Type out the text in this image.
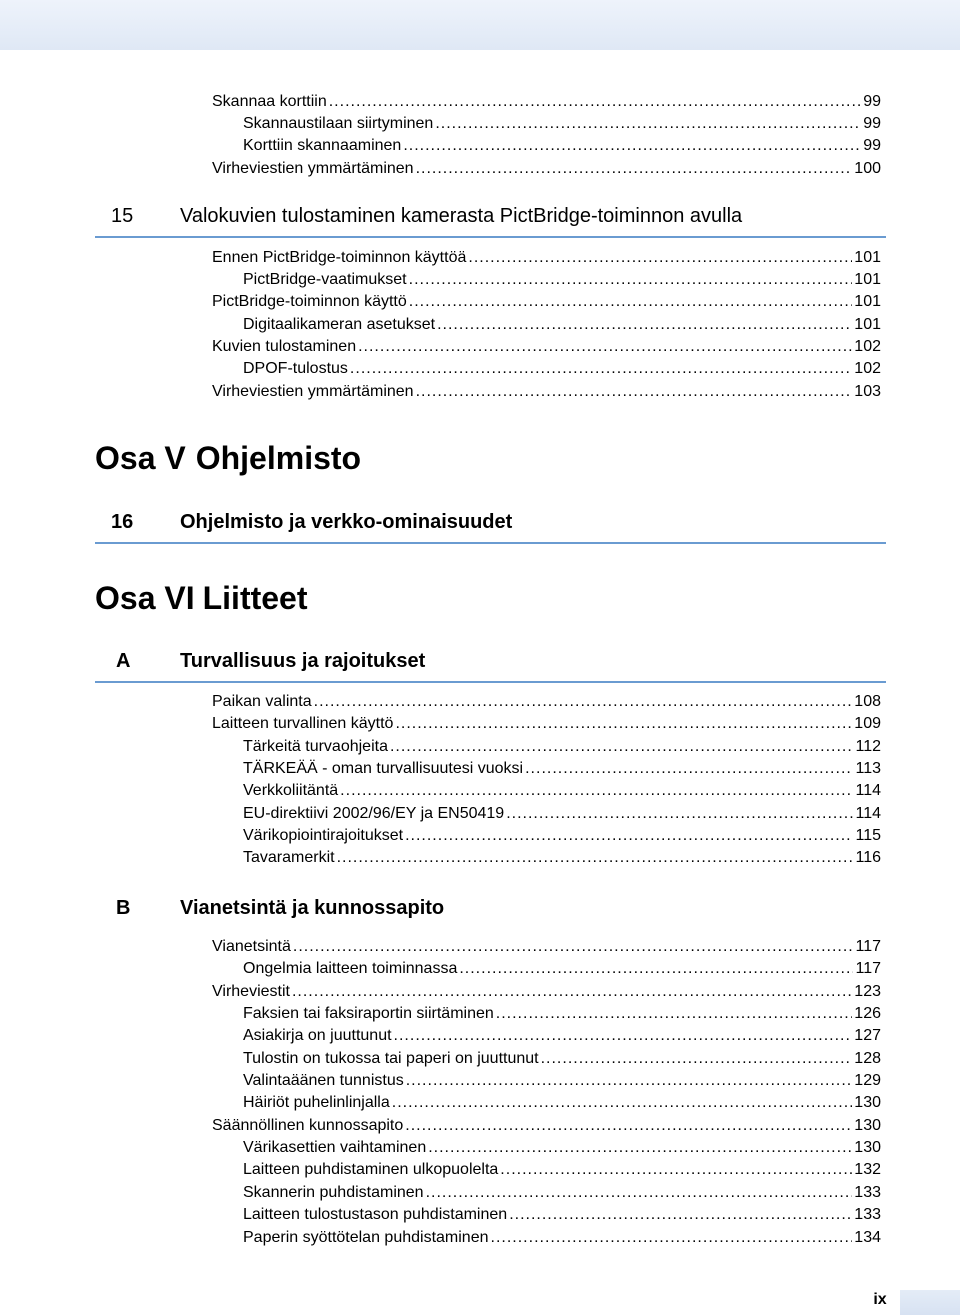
Skannaa korttiin .....	99
Skannaustilaan siirtyminen .....	99
Korttiin skannaaminen .....	99
Virheviestien ymmärtäminen .....	100
15 Valokuvien tulostaminen kamerasta PictBridge-toiminnon avulla
Ennen PictBridge-toiminnon käyttöä .....	101
PictBridge-vaatimukset .....	101
PictBridge-toiminnon käyttö .....	101
Digitaalikameran asetukset .....	101
Kuvien tulostaminen .....	102
DPOF-tulostus .....	102
Virheviestien ymmärtäminen .....	103
Osa V Ohjelmisto
16 Ohjelmisto ja verkko-ominaisuudet
Osa VI Liitteet
A Turvallisuus ja rajoitukset
Paikan valinta .....	108
Laitteen turvallinen käyttö .....	109
Tärkeitä turvaohjeita .....	112
TÄRKEÄÄ - oman turvallisuutesi vuoksi .....	113
Verkkoliitäntä .....	114
EU-direktiivi 2002/96/EY ja EN50419 .....	114
Värikopiointirajoitukset .....	115
Tavaramerkit .....	116
B Vianetsintä ja kunnossapito
Vianetsintä .....	117
Ongelmia laitteen toiminnassa .....	117
Virheviestit .....	123
Faksien tai faksiraportin siirtäminen .....	126
Asiakirja on juuttunut .....	127
Tulostin on tukossa tai paperi on juuttunut .....	128
Valintaäänen tunnistus .....	129
Häiriöt puhelinlinjalla .....	130
Säännöllinen kunnossapito .....	130
Värikasettien vaihtaminen .....	130
Laitteen puhdistaminen ulkopuolelta .....	132
Skannerin puhdistaminen .....	133
Laitteen tulostustason puhdistaminen .....	133
Paperin syöttötelan puhdistaminen .....	134
ix
